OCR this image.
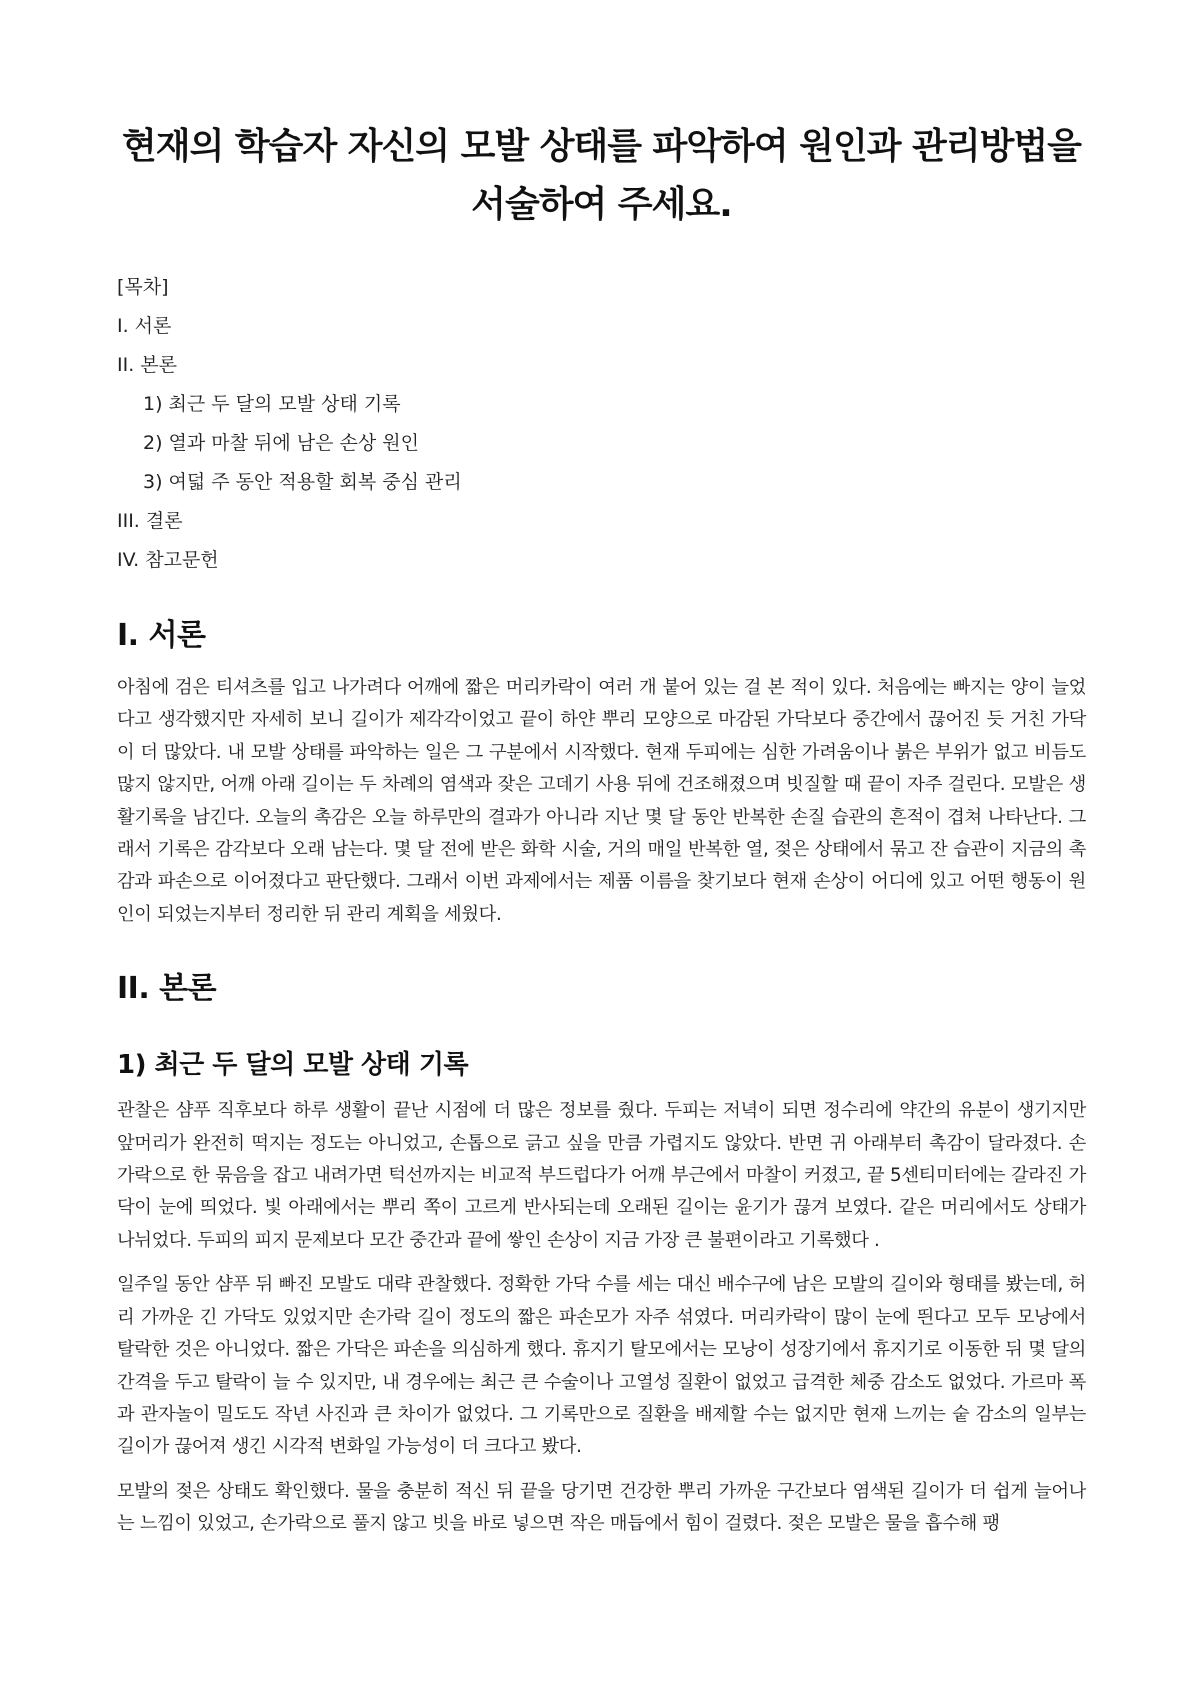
현재의 학습자 자신의 모발 상태를 파악하여 원인과 관리방법을 서술하여 주세요.
[목차]
I. 서론
II. 본론
1) 최근 두 달의 모발 상태 기록
2) 열과 마찰 뒤에 남은 손상 원인
3) 여덟 주 동안 적용할 회복 중심 관리
III. 결론
IV. 참고문헌
I. 서론

아침에 검은 티셔츠를 입고 나가려다 어깨에 짧은 머리카락이 여러 개 붙어 있는 걸 본 적이 있다. 처음에는 빠지는 양이 늘었다고 생각했지만 자세히 보니 길이가 제각각이었고 끝이 하얀 뿌리 모양으로 마감된 가닥보다 중간에서 끊어진 듯 거친 가닥이 더 많았다. 내 모발 상태를 파악하는 일은 그 구분에서 시작했다. 현재 두피에는 심한 가려움이나 붉은 부위가 없고 비듬도 많지 않지만, 어깨 아래 길이는 두 차례의 염색과 잦은 고데기 사용 뒤에 건조해졌으며 빗질할 때 끝이 자주 걸린다. 모발은 생활기록을 남긴다. 오늘의 촉감은 오늘 하루만의 결과가 아니라 지난 몇 달 동안 반복한 손질 습관의 흔적이 겹쳐 나타난다. 그래서 기록은 감각보다 오래 남는다. 몇 달 전에 받은 화학 시술, 거의 매일 반복한 열, 젖은 상태에서 묶고 잔 습관이 지금의 촉감과 파손으로 이어졌다고 판단했다. 그래서 이번 과제에서는 제품 이름을 찾기보다 현재 손상이 어디에 있고 어떤 행동이 원인이 되었는지부터 정리한 뒤 관리 계획을 세웠다.

II. 본론
1) 최근 두 달의 모발 상태 기록

관찰은 샴푸 직후보다 하루 생활이 끝난 시점에 더 많은 정보를 줬다. 두피는 저녁이 되면 정수리에 약간의 유분이 생기지만 앞머리가 완전히 떡지는 정도는 아니었고, 손톱으로 긁고 싶을 만큼 가렵지도 않았다. 반면 귀 아래부터 촉감이 달라졌다. 손가락으로 한 묶음을 잡고 내려가면 턱선까지는 비교적 부드럽다가 어깨 부근에서 마찰이 커졌고, 끝 5센티미터에는 갈라진 가닥이 눈에 띄었다. 빛 아래에서는 뿌리 쪽이 고르게 반사되는데 오래된 길이는 윤기가 끊겨 보였다. 같은 머리에서도 상태가 나뉘었다. 두피의 피지 문제보다 모간 중간과 끝에 쌓인 손상이 지금 가장 큰 불편이라고 기록했다 .

일주일 동안 샴푸 뒤 빠진 모발도 대략 관찰했다. 정확한 가닥 수를 세는 대신 배수구에 남은 모발의 길이와 형태를 봤는데, 허리 가까운 긴 가닥도 있었지만 손가락 길이 정도의 짧은 파손모가 자주 섞였다. 머리카락이 많이 눈에 띈다고 모두 모낭에서 탈락한 것은 아니었다. 짧은 가닥은 파손을 의심하게 했다. 휴지기 탈모에서는 모낭이 성장기에서 휴지기로 이동한 뒤 몇 달의 간격을 두고 탈락이 늘 수 있지만, 내 경우에는 최근 큰 수술이나 고열성 질환이 없었고 급격한 체중 감소도 없었다. 가르마 폭과 관자놀이 밀도도 작년 사진과 큰 차이가 없었다. 그 기록만으로 질환을 배제할 수는 없지만 현재 느끼는 숱 감소의 일부는 길이가 끊어져 생긴 시각적 변화일 가능성이 더 크다고 봤다.

모발의 젖은 상태도 확인했다. 물을 충분히 적신 뒤 끝을 당기면 건강한 뿌리 가까운 구간보다 염색된 길이가 더 쉽게 늘어나는 느낌이 있었고, 손가락으로 풀지 않고 빗을 바로 넣으면 작은 매듭에서 힘이 걸렸다. 젖은 모발은 물을 흡수해 팽
